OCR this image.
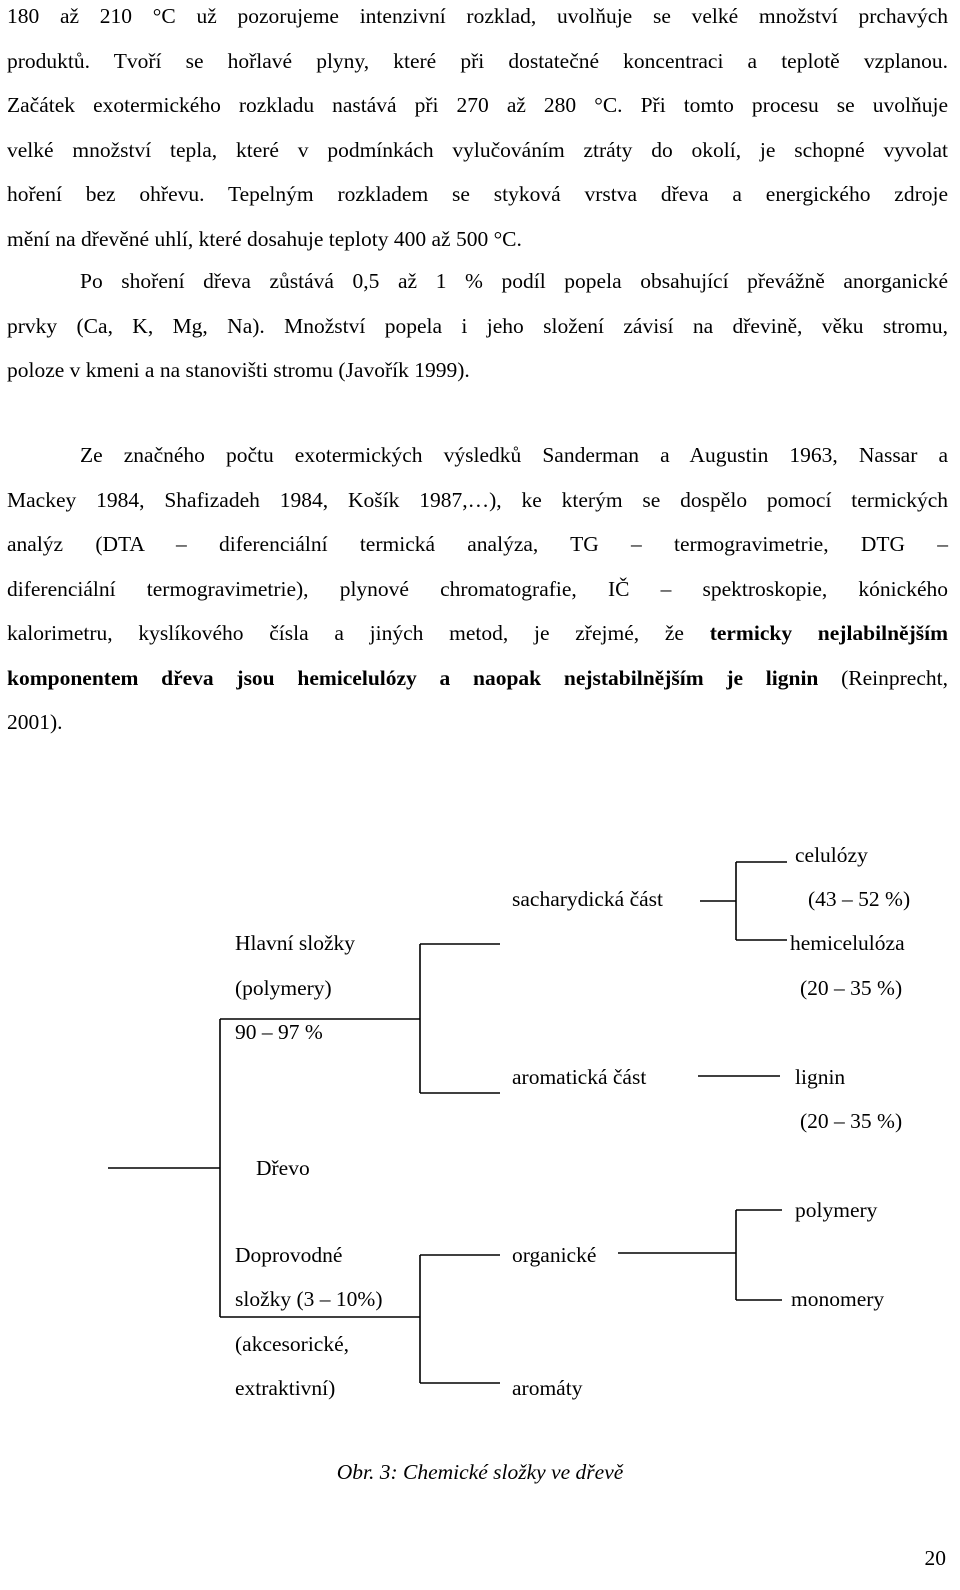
180 až 210 °C už pozorujeme intenzivní rozklad, uvolňuje se velké množství prchavých
produktů. Tvoří se hořlavé plyny, které při dostatečné koncentraci a teplotě vzplanou.
Začátek exotermického rozkladu nastává při 270 až 280 °C. Při tomto procesu se uvolňuje
velké množství tepla, které v podmínkách vylučováním ztráty do okolí, je schopné vyvolat
hoření bez ohřevu. Tepelným rozkladem se styková vrstva dřeva a energického zdroje
mění na dřevěné uhlí, které dosahuje teploty 400 až 500 °C.
Po shoření dřeva zůstává 0,5 až 1 % podíl popela obsahující převážně anorganické
prvky (Ca, K, Mg, Na). Množství popela i jeho složení závisí na dřevině, věku stromu,
poloze v kmeni a na stanovišti stromu (Javořík 1999).
Ze značného počtu exotermických výsledků Sanderman a Augustin 1963, Nassar a
Mackey 1984, Shafizadeh 1984, Košík 1987,…), ke kterým se dospělo pomocí termických
analýz (DTA – diferenciální termická analýza, TG – termogravimetrie, DTG –
diferenciální termogravimetrie), plynové chromatografie, IČ – spektroskopie, kónického
kalorimetru, kyslíkového čísla a jiných metod, je zřejmé, že termicky nejlabilnějším
komponentem dřeva jsou hemicelulózy a naopak nejstabilnějším je lignin (Reinprecht,
2001).
Dřevo
Hlavní složky
(polymery)
90 – 97 %
Doprovodné
složky (3 – 10%)
(akcesorické,
extraktivní)
sacharydická část
aromatická část
organické
aromáty
celulózy
(43 – 52 %)
hemicelulóza
(20 – 35 %)
lignin
(20 – 35 %)
polymery
monomery
Obr. 3: Chemické složky ve dřevě
20
